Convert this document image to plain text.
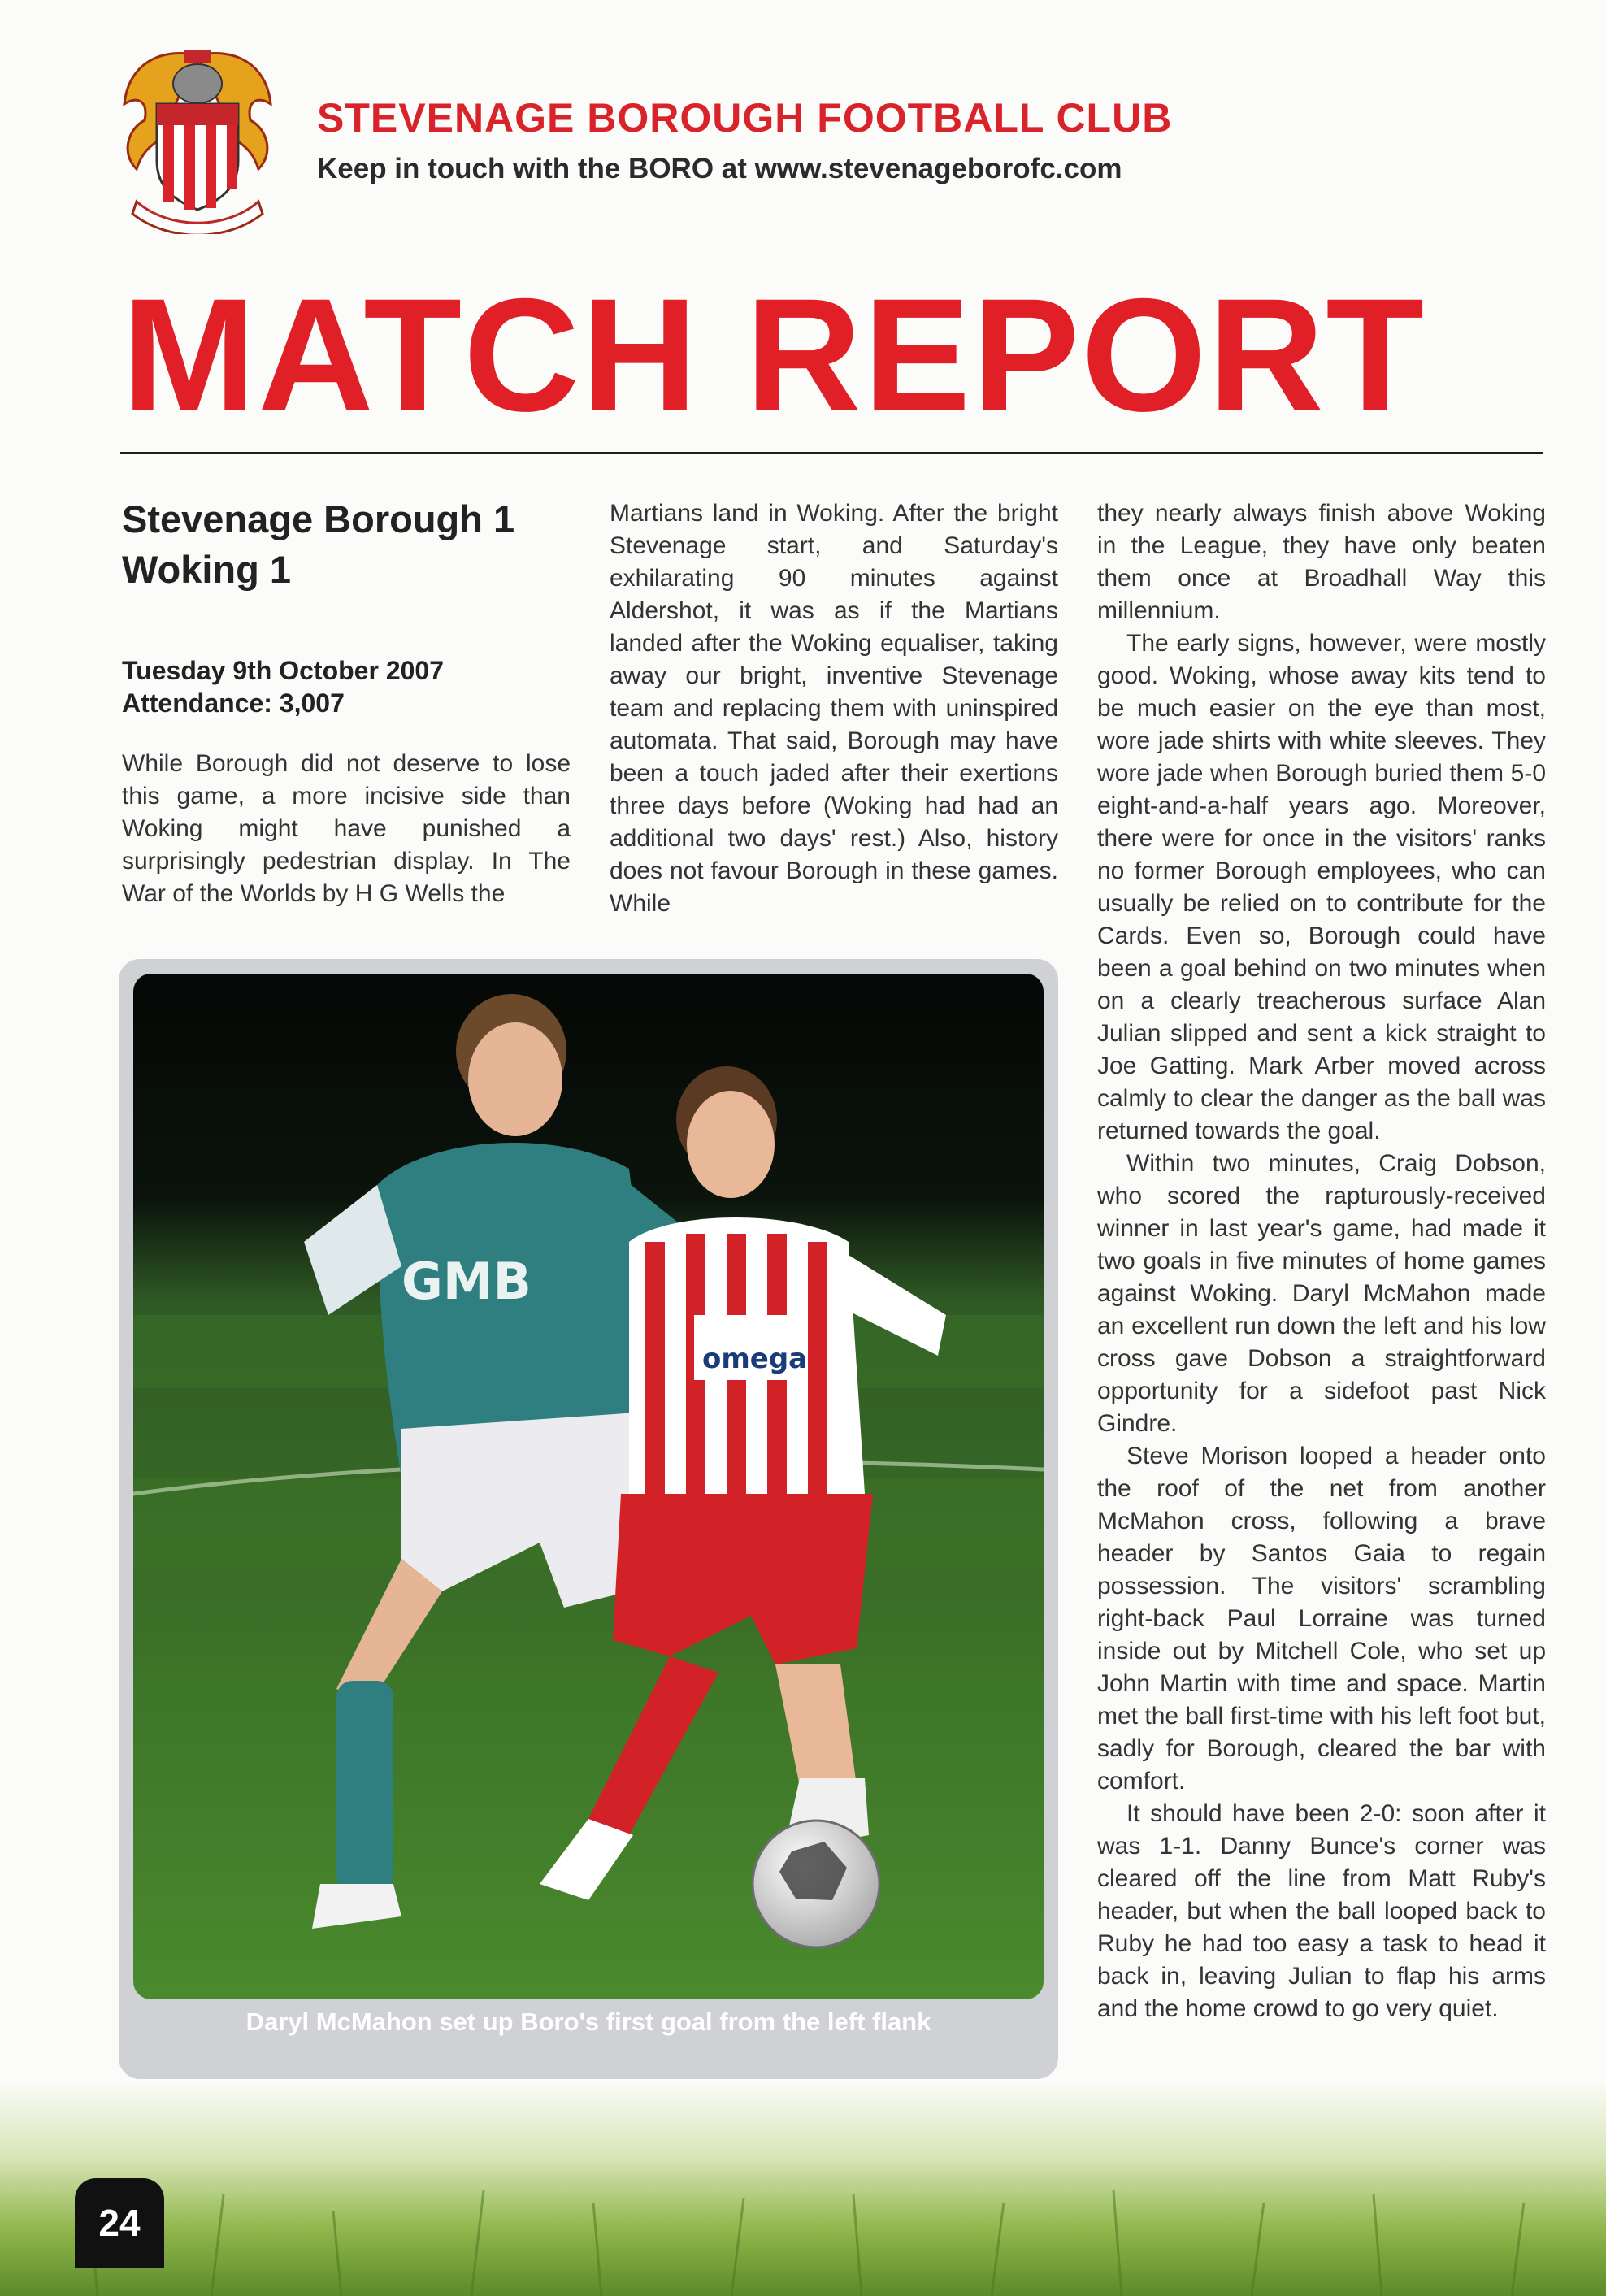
STEVENAGE BOROUGH FOOTBALL CLUB
Keep in touch with the BORO at www.stevenageborofc.com
MATCH REPORT
Stevenage Borough 1
Woking 1
Tuesday 9th October 2007
Attendance: 3,007

While Borough did not deserve to lose this game, a more incisive side than Woking might have punished a surprisingly pedestrian display. In The War of the Worlds by H G Wells the

Martians land in Woking. After the bright Stevenage start, and Saturday's exhilarating 90 minutes against Aldershot, it was as if the Martians landed after the Woking equaliser, taking away our bright, inventive Stevenage team and replacing them with uninspired automata. That said, Borough may have been a touch jaded after their exertions three days before (Woking had had an additional two days' rest.) Also, history does not favour Borough in these games. While

they nearly always finish above Woking in the League, they have only beaten them once at Broadhall Way this millennium.

The early signs, however, were mostly good. Woking, whose away kits tend to be much easier on the eye than most, wore jade shirts with white sleeves. They wore jade when Borough buried them 5-0 eight-and-a-half years ago. Moreover, there were for once in the visitors' ranks no former Borough employees, who can usually be relied on to contribute for the Cards. Even so, Borough could have been a goal behind on two minutes when on a clearly treacherous surface Alan Julian slipped and sent a kick straight to Joe Gatting. Mark Arber moved across calmly to clear the danger as the ball was returned towards the goal.

Within two minutes, Craig Dobson, who scored the rapturously-received winner in last year's game, had made it two goals in five minutes of home games against Woking. Daryl McMahon made an excellent run down the left and his low cross gave Dobson a straightforward opportunity for a sidefoot past Nick Gindre.

Steve Morison looped a header onto the roof of the net from another McMahon cross, following a brave header by Santos Gaia to regain possession. The visitors' scrambling right-back Paul Lorraine was turned inside out by Mitchell Cole, who set up John Martin with time and space. Martin met the ball first-time with his left foot but, sadly for Borough, cleared the bar with comfort.

It should have been 2-0: soon after it was 1-1. Danny Bunce's corner was cleared off the line from Matt Ruby's header, but when the ball looped back to Ruby he had too easy a task to head it back in, leaving Julian to flap his arms and the home crowd to go very quiet.

GMB
omega
Daryl McMahon set up Boro's first goal from the left flank
24
